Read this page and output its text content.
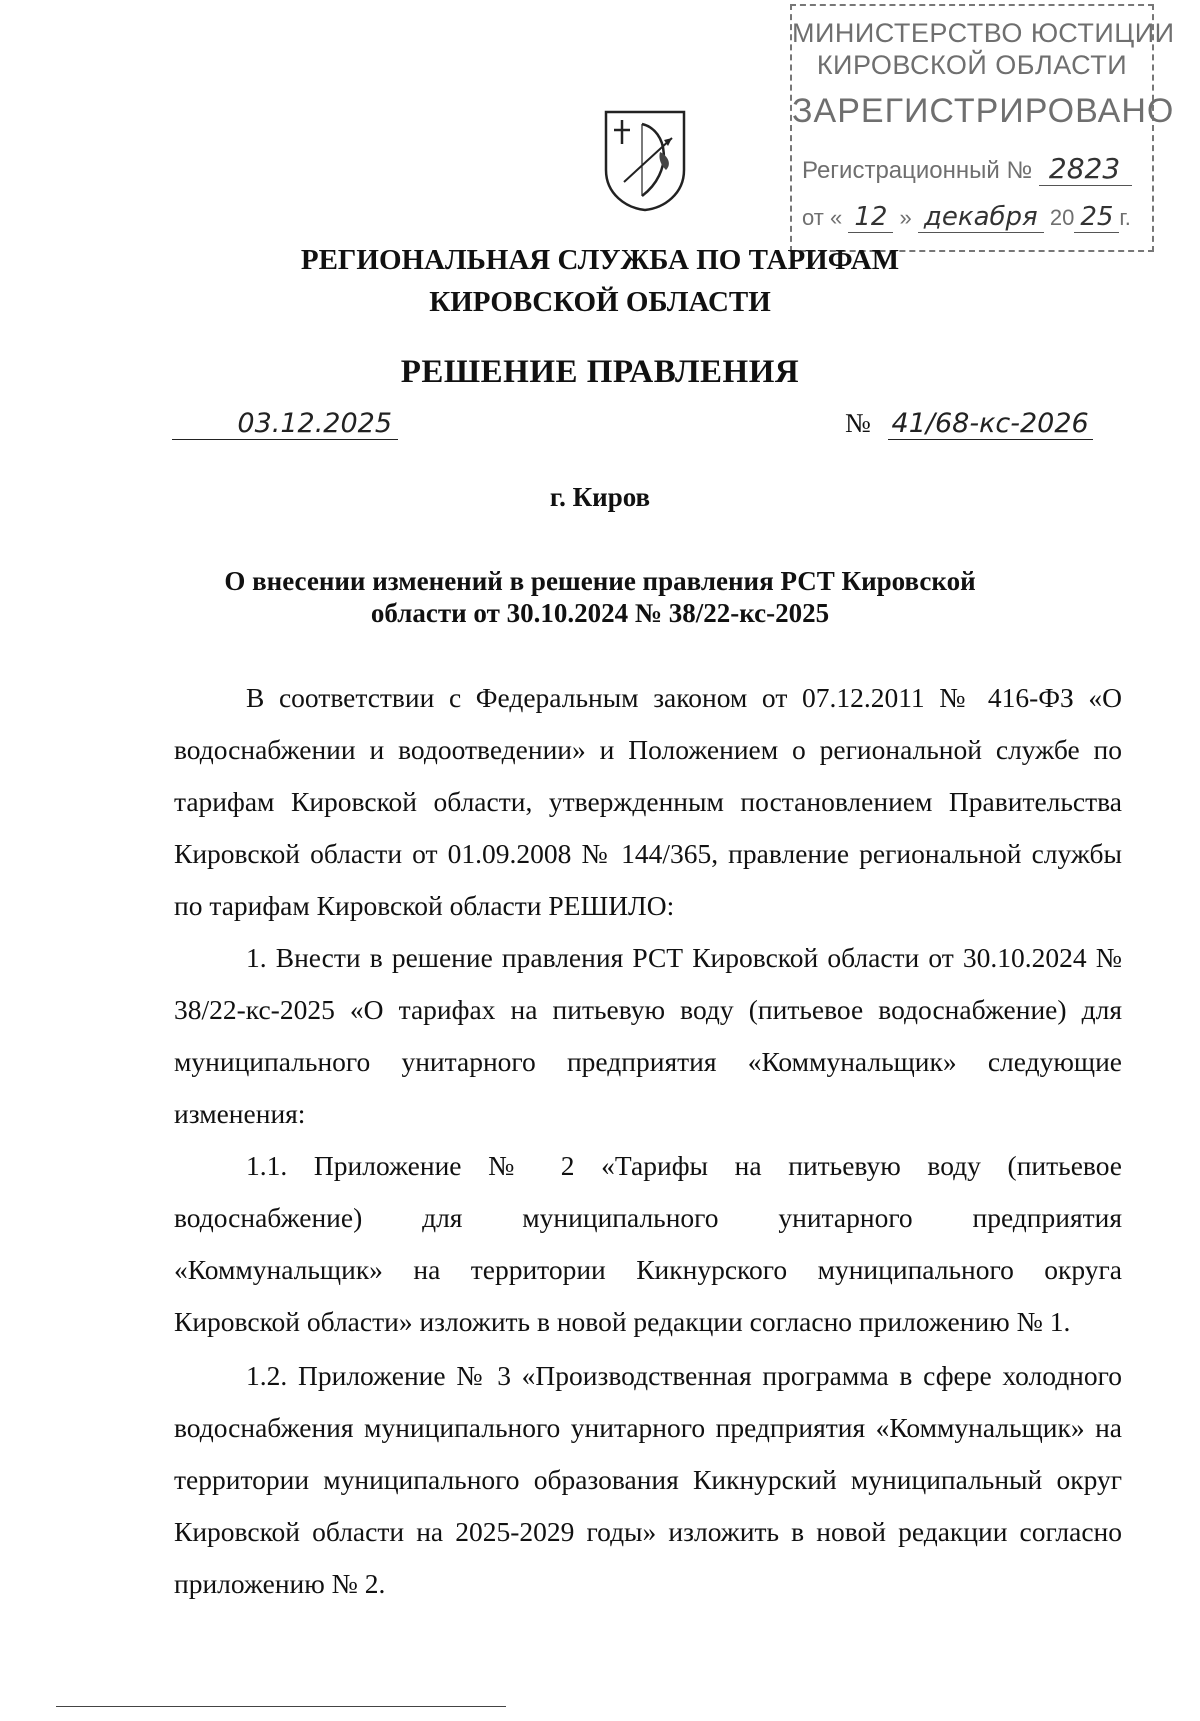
МИНИСТЕРСТВО ЮСТИЦИИ
КИРОВСКОЙ ОБЛАСТИ
ЗАРЕГИСТРИРОВАНО
Регистрационный № 2823
от « 12 » декабря 20 25 г.
РЕГИОНАЛЬНАЯ СЛУЖБА ПО ТАРИФАМ
КИРОВСКОЙ ОБЛАСТИ
РЕШЕНИЕ ПРАВЛЕНИЯ
03.12.2025	№ 41/68-кс-2026
г. Киров
О внесении изменений в решение правления РСТ Кировской
области от 30.10.2024 № 38/22-кс-2025

В соответствии с Федеральным законом от 07.12.2011 № 416-ФЗ «О водоснабжении и водоотведении» и Положением о региональной службе по тарифам Кировской области, утвержденным постановлением Правительства Кировской области от 01.09.2008 № 144/365, правление региональной службы по тарифам Кировской области РЕШИЛО:

1. Внести в решение правления РСТ Кировской области от 30.10.2024 № 38/22-кс-2025 «О тарифах на питьевую воду (питьевое водоснабжение) для муниципального унитарного предприятия «Коммунальщик» следующие изменения:

1.1. Приложение № 2 «Тарифы на питьевую воду (питьевое водоснабжение) для муниципального унитарного предприятия «Коммунальщик» на территории Кикнурского муниципального округа Кировской области» изложить в новой редакции согласно приложению № 1.

1.2. Приложение № 3 «Производственная программа в сфере холодного водоснабжения муниципального унитарного предприятия «Коммунальщик» на территории муниципального образования Кикнурский муниципальный округ Кировской области на 2025-2029 годы» изложить в новой редакции согласно приложению № 2.
